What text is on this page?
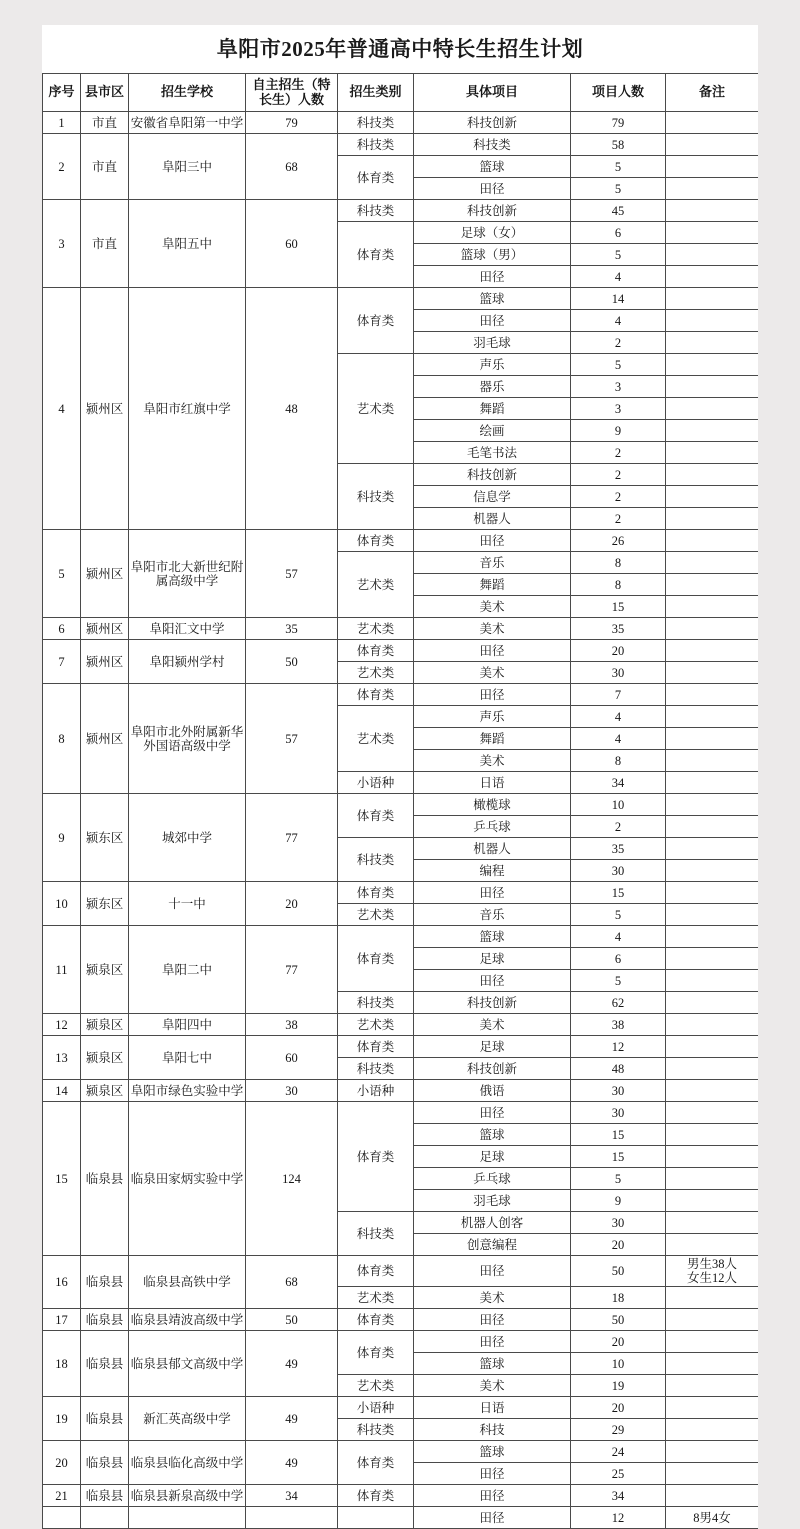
阜阳市2025年普通高中特长生招生计划
序号	县市区	招生学校	自主招生（特长生）人数	招生类别	具体项目	项目人数	备注
1	市直	安徽省阜阳第一中学	79	科技类	科技创新	79	
2	市直	阜阳三中	68	科技类	科技类	58	
				体育类	篮球	5	
					田径	5	
3	市直	阜阳五中	60	科技类	科技创新	45	
				体育类	足球（女）	6	
					篮球（男）	5	
					田径	4	
4	颍州区	阜阳市红旗中学	48	体育类	篮球	14	
					田径	4	
					羽毛球	2	
				艺术类	声乐	5	
					器乐	3	
					舞蹈	3	
					绘画	9	
					毛笔书法	2	
				科技类	科技创新	2	
					信息学	2	
					机器人	2	
5	颍州区	阜阳市北大新世纪附属高级中学	57	体育类	田径	26	
				艺术类	音乐	8	
					舞蹈	8	
					美术	15	
6	颍州区	阜阳汇文中学	35	艺术类	美术	35	
7	颍州区	阜阳颍州学村	50	体育类	田径	20	
				艺术类	美术	30	
8	颍州区	阜阳市北外附属新华外国语高级中学	57	体育类	田径	7	
				艺术类	声乐	4	
					舞蹈	4	
					美术	8	
				小语种	日语	34	
9	颍东区	城郊中学	77	体育类	橄榄球	10	
					乒乓球	2	
				科技类	机器人	35	
					编程	30	
10	颍东区	十一中	20	体育类	田径	15	
				艺术类	音乐	5	
11	颍泉区	阜阳二中	77	体育类	篮球	4	
					足球	6	
					田径	5	
				科技类	科技创新	62	
12	颍泉区	阜阳四中	38	艺术类	美术	38	
13	颍泉区	阜阳七中	60	体育类	足球	12	
				科技类	科技创新	48	
14	颍泉区	阜阳市绿色实验中学	30	小语种	俄语	30	
15	临泉县	临泉田家炳实验中学	124	体育类	田径	30	
					篮球	15	
					足球	15	
					乒乓球	5	
					羽毛球	9	
				科技类	机器人创客	30	
					创意编程	20	
16	临泉县	临泉县高铁中学	68	体育类	田径	50	男生38人
女生12人
				艺术类	美术	18	
17	临泉县	临泉县靖波高级中学	50	体育类	田径	50	
18	临泉县	临泉县郁文高级中学	49	体育类	田径	20	
					篮球	10	
				艺术类	美术	19	
19	临泉县	新汇英高级中学	49	小语种	日语	20	
				科技类	科技	29	
20	临泉县	临泉县临化高级中学	49	体育类	篮球	24	
					田径	25	
21	临泉县	临泉县新泉高级中学	34	体育类	田径	34	
					田径	12	8男4女
